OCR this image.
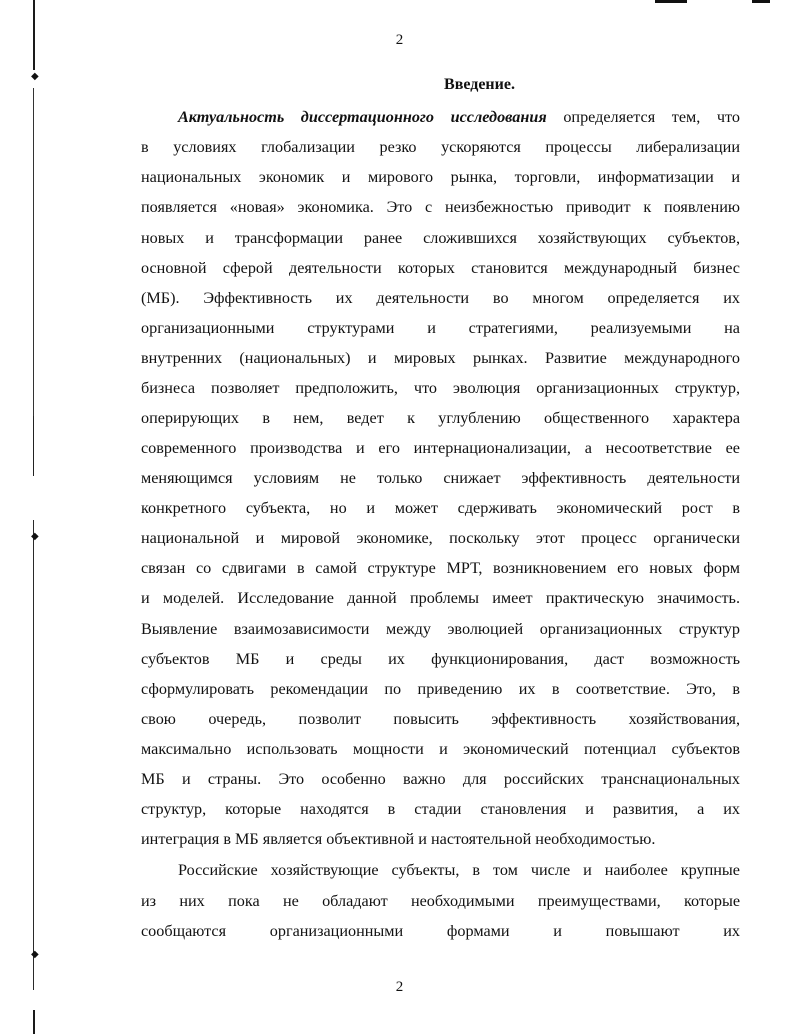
◆
◆
◆
2
Введение.
Актуальность диссертационного исследования определяется тем, что
в условиях глобализации резко ускоряются процессы либерализации
национальных экономик и мирового рынка, торговли, информатизации и
появляется «новая» экономика. Это с неизбежностью приводит к появлению
новых и трансформации ранее сложившихся хозяйствующих субъектов,
основной сферой деятельности которых становится международный бизнес
(МБ). Эффективность их деятельности во многом определяется их
организационными структурами и стратегиями, реализуемыми на
внутренних (национальных) и мировых рынках. Развитие международного
бизнеса позволяет предположить, что эволюция организационных структур,
оперирующих в нем, ведет к углублению общественного характера
современного производства и его интернационализации, а несоответствие ее
меняющимся условиям не только снижает эффективность деятельности
конкретного субъекта, но и может сдерживать экономический рост в
национальной и мировой экономике, поскольку этот процесс органически
связан со сдвигами в самой структуре МРТ, возникновением его новых форм
и моделей. Исследование данной проблемы имеет практическую значимость.
Выявление взаимозависимости между эволюцией организационных структур
субъектов МБ и среды их функционирования, даст возможность
сформулировать рекомендации по приведению их в соответствие. Это, в
свою очередь, позволит повысить эффективность хозяйствования,
максимально использовать мощности и экономический потенциал субъектов
МБ и страны. Это особенно важно для российских транснациональных
структур, которые находятся в стадии становления и развития, а их
интеграция в МБ является объективной и настоятельной необходимостью.
Российские хозяйствующие субъекты, в том числе и наиболее крупные
из них пока не обладают необходимыми преимуществами, которые
сообщаются организационными формами и повышают их
2
